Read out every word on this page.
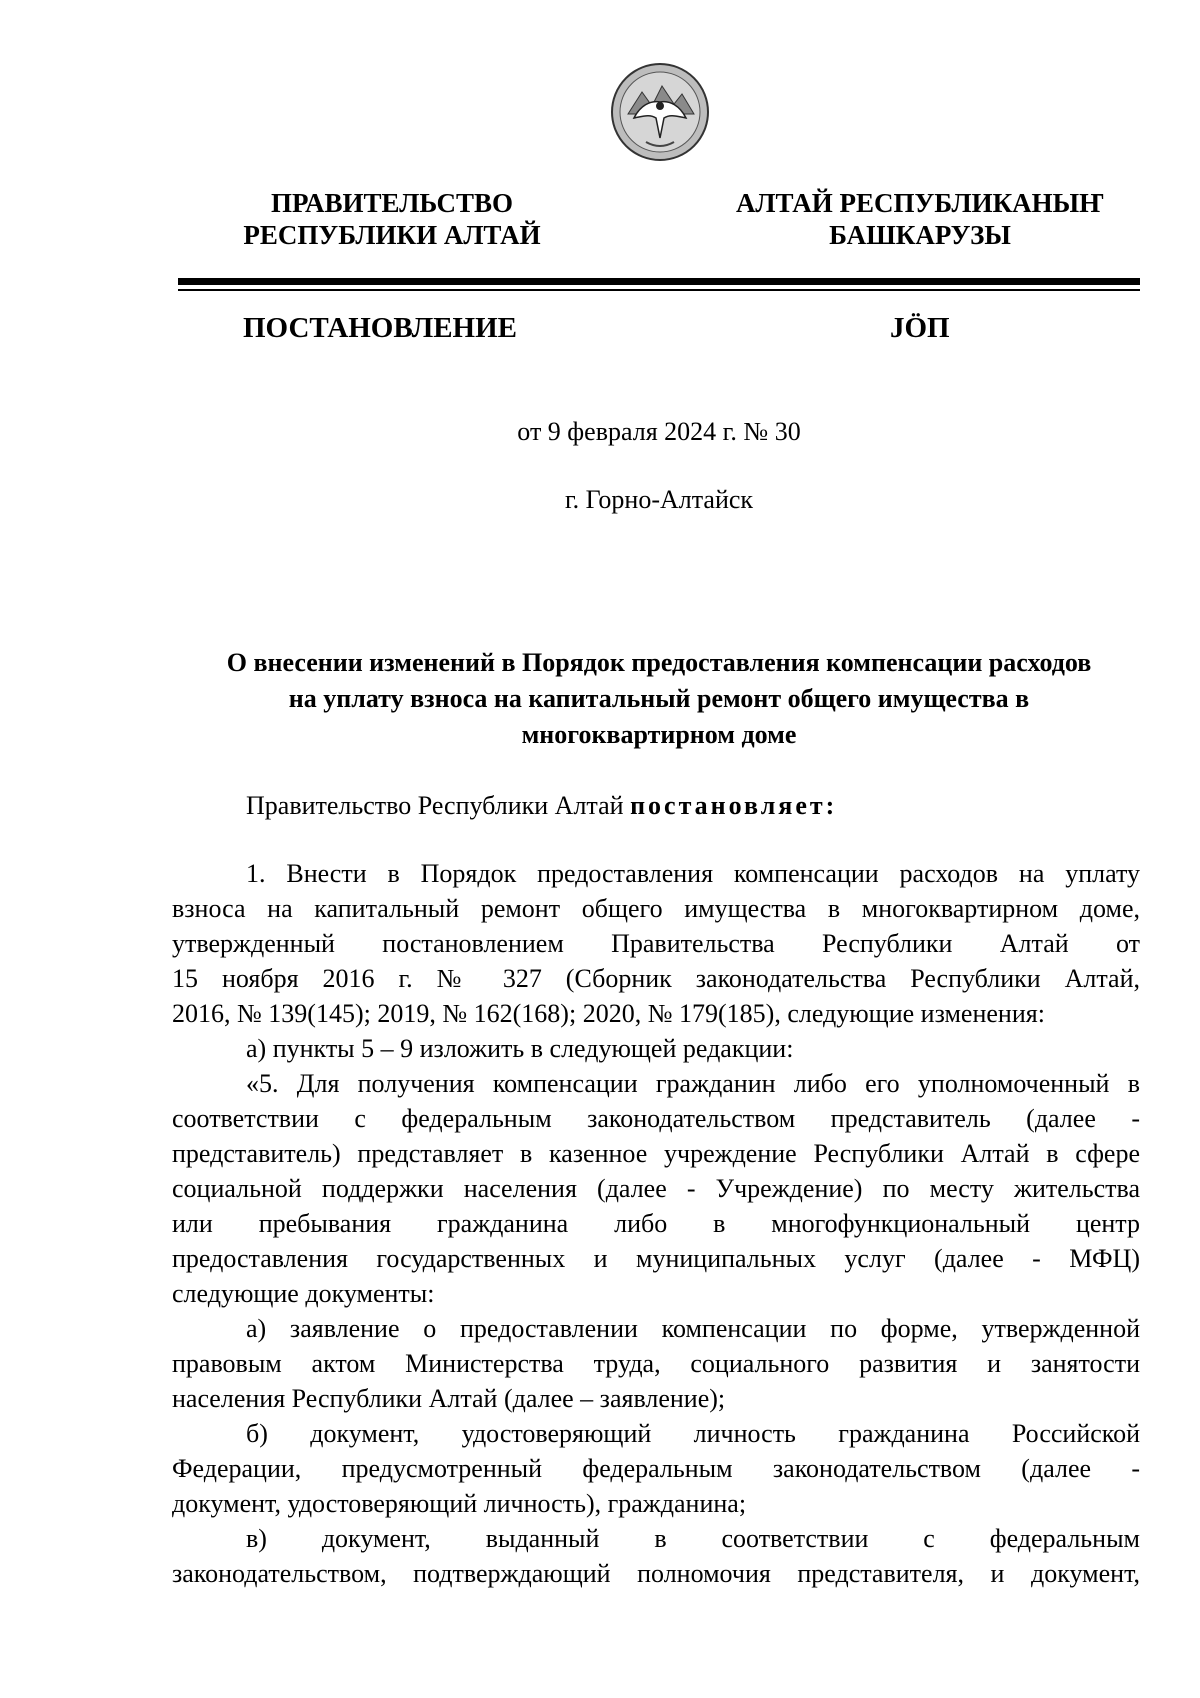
ПРАВИТЕЛЬСТВО
РЕСПУБЛИКИ АЛТАЙ
АЛТАЙ РЕСПУБЛИКАНЫҤ
БАШКАРУЗЫ
ПОСТАНОВЛЕНИЕ	JӦП
от 9 февраля 2024 г. № 30
г. Горно-Алтайск
О внесении изменений в Порядок предоставления компенсации расходов
на уплату взноса на капитальный ремонт общего имущества в
многоквартирном доме
Правительство Республики Алтай постановляет:
1. Внести в Порядок предоставления компенсации расходов на уплату
взноса на капитальный ремонт общего имущества в многоквартирном доме,
утвержденный постановлением Правительства Республики Алтай от
15 ноября 2016 г. № 327 (Сборник законодательства Республики Алтай,
2016, № 139(145); 2019, № 162(168); 2020, № 179(185), следующие изменения:
а) пункты 5 – 9 изложить в следующей редакции:
«5. Для получения компенсации гражданин либо его уполномоченный в
соответствии с федеральным законодательством представитель (далее -
представитель) представляет в казенное учреждение Республики Алтай в сфере
социальной поддержки населения (далее - Учреждение) по месту жительства
или пребывания гражданина либо в многофункциональный центр
предоставления государственных и муниципальных услуг (далее - МФЦ)
следующие документы:
а) заявление о предоставлении компенсации по форме, утвержденной
правовым актом Министерства труда, социального развития и занятости
населения Республики Алтай (далее – заявление);
б) документ, удостоверяющий личность гражданина Российской
Федерации, предусмотренный федеральным законодательством (далее -
документ, удостоверяющий личность), гражданина;
в) документ, выданный в соответствии с федеральным
законодательством, подтверждающий полномочия представителя, и документ,
